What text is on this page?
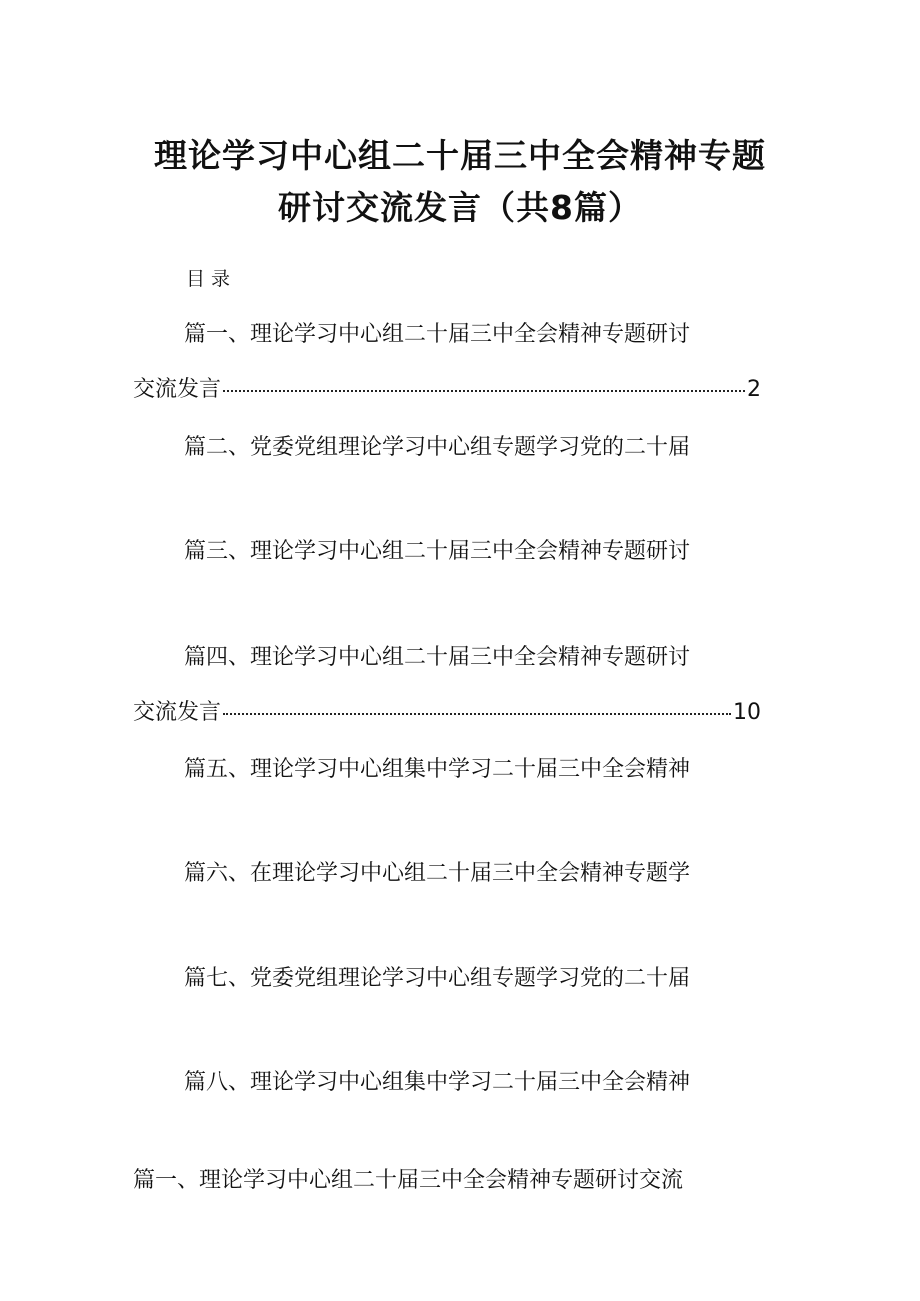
理论学习中心组二十届三中全会精神专题
研讨交流发言（共8篇）
目录
篇一、理论学习中心组二十届三中全会精神专题研讨
交流发言	2
篇二、党委党组理论学习中心组专题学习党的二十届
篇三、理论学习中心组二十届三中全会精神专题研讨
篇四、理论学习中心组二十届三中全会精神专题研讨
交流发言	10
篇五、理论学习中心组集中学习二十届三中全会精神
篇六、在理论学习中心组二十届三中全会精神专题学
篇七、党委党组理论学习中心组专题学习党的二十届
篇八、理论学习中心组集中学习二十届三中全会精神
篇一、理论学习中心组二十届三中全会精神专题研讨交流
